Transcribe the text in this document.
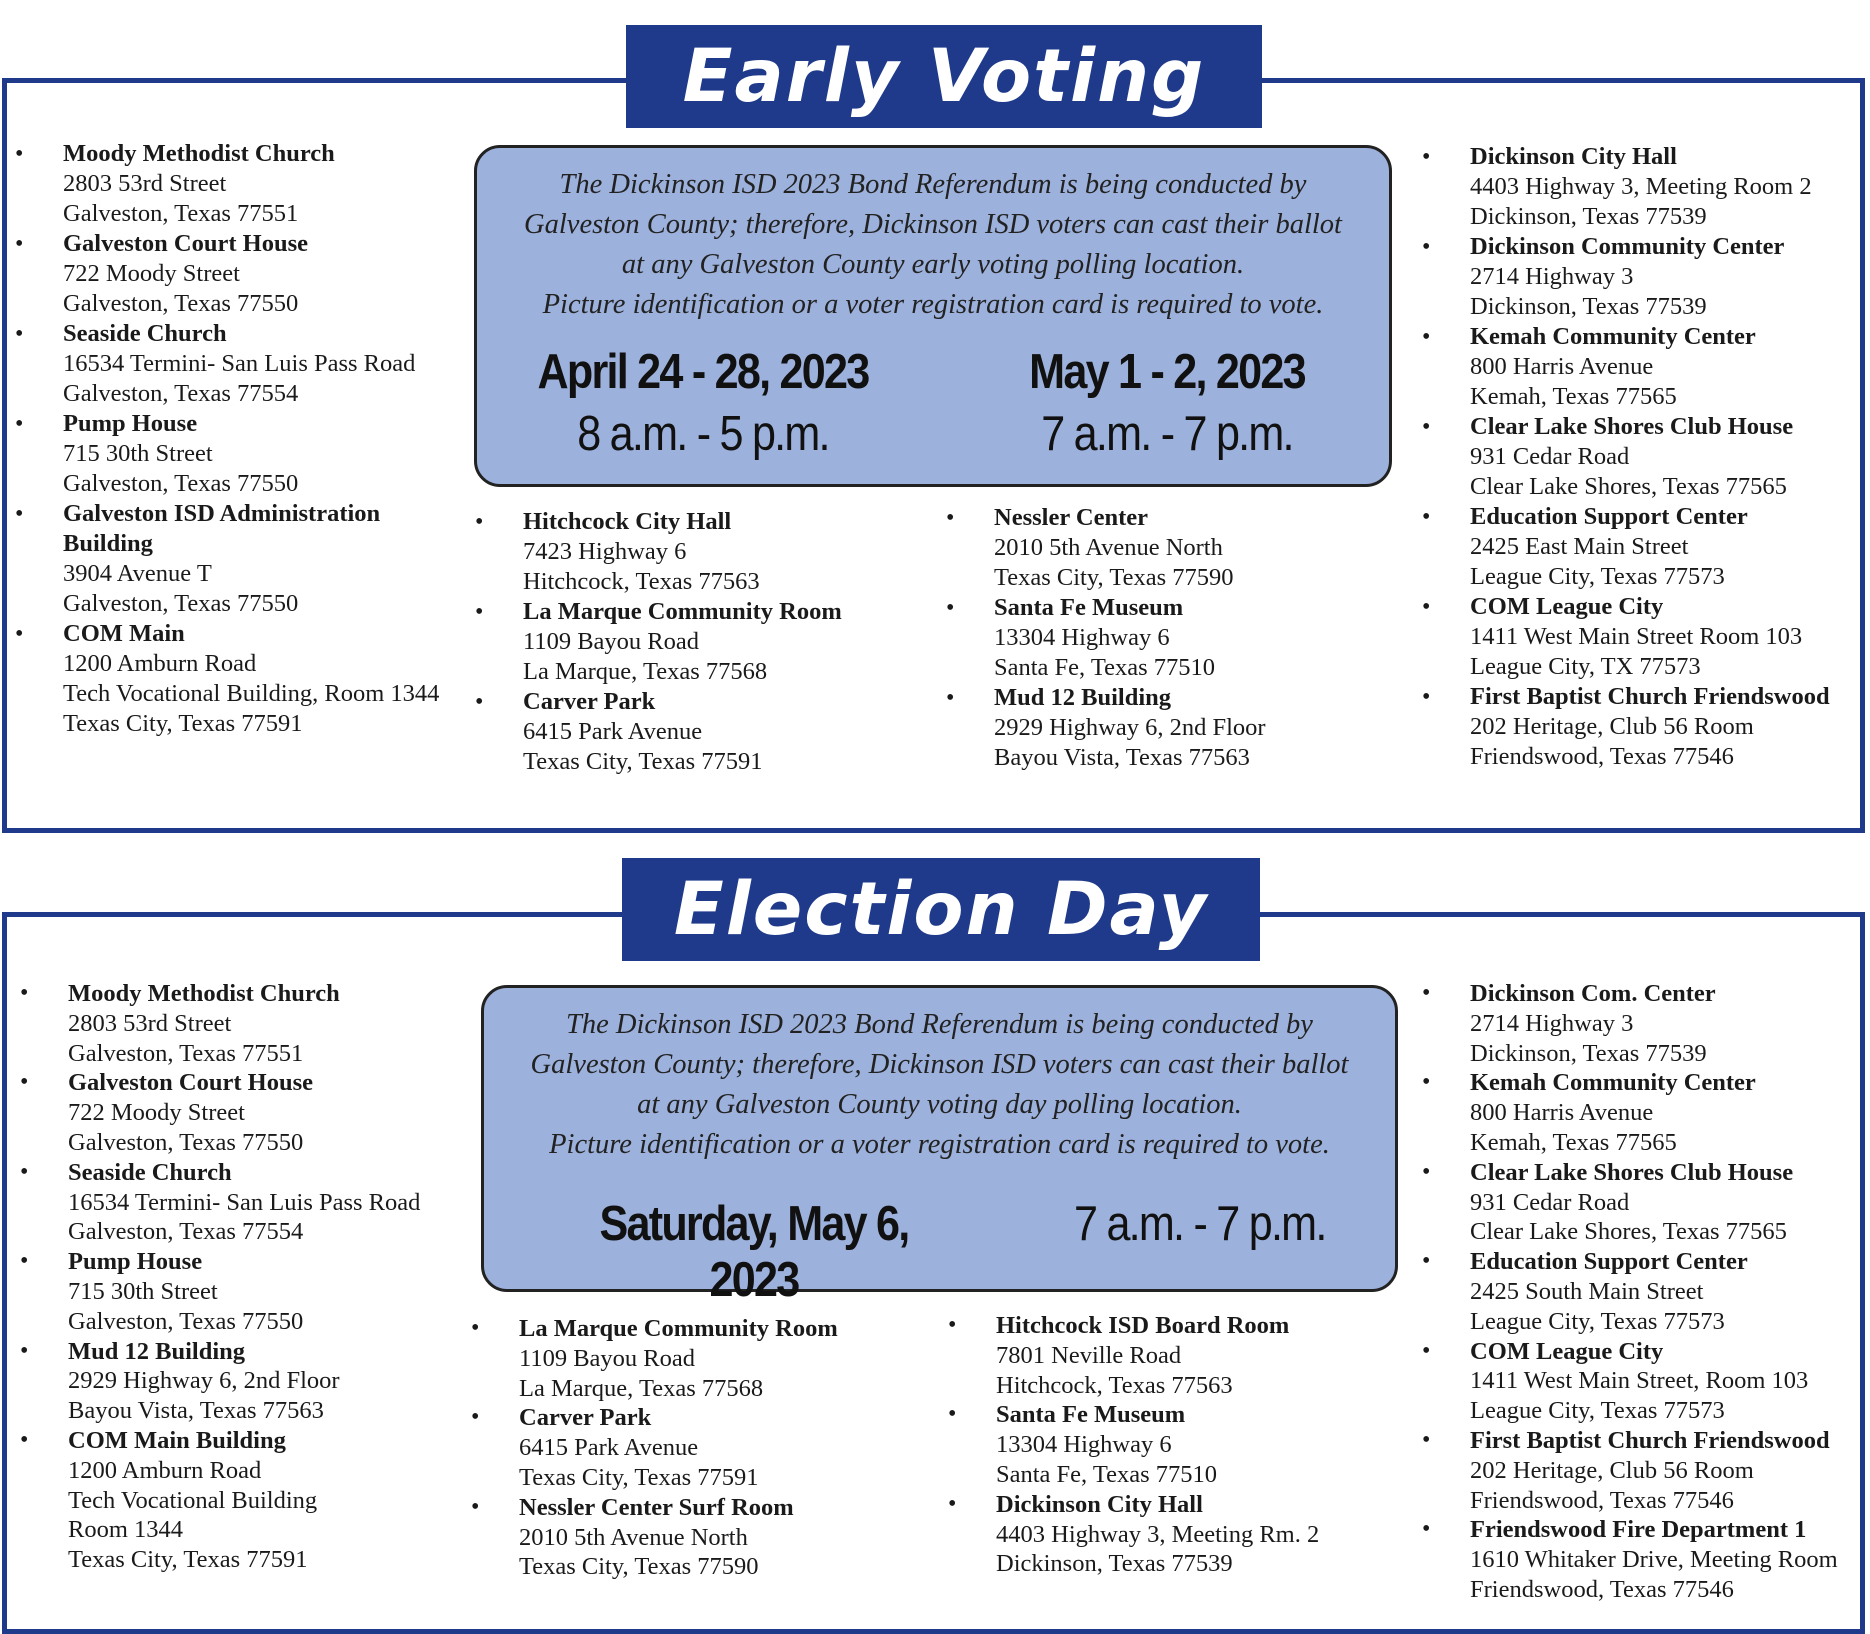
Early Voting
The Dickinson ISD 2023 Bond Referendum is being conducted by
Galveston County; therefore, Dickinson ISD voters can cast their ballot
at any Galveston County early voting polling location.
Picture identification or a voter registration card is required to vote.
April 24 - 28, 2023
8 a.m. - 5 p.m.
May 1 - 2, 2023
7 a.m. - 7 p.m.
• Moody Methodist Church
2803 53rd Street
Galveston, Texas 77551
• Galveston Court House
722 Moody Street
Galveston, Texas 77550
• Seaside Church
16534 Termini- San Luis Pass Road
Galveston, Texas 77554
• Pump House
715 30th Street
Galveston, Texas 77550
• Galveston ISD Administration
Building
3904 Avenue T
Galveston, Texas 77550
• COM Main
1200 Amburn Road
Tech Vocational Building, Room 1344
Texas City, Texas 77591
• Hitchcock City Hall
7423 Highway 6
Hitchcock, Texas 77563
• La Marque Community Room
1109 Bayou Road
La Marque, Texas 77568
• Carver Park
6415 Park Avenue
Texas City, Texas 77591
• Nessler Center
2010 5th Avenue North
Texas City, Texas 77590
• Santa Fe Museum
13304 Highway 6
Santa Fe, Texas 77510
• Mud 12 Building
2929 Highway 6, 2nd Floor
Bayou Vista, Texas 77563
• Dickinson City Hall
4403 Highway 3, Meeting Room 2
Dickinson, Texas 77539
• Dickinson Community Center
2714 Highway 3
Dickinson, Texas 77539
• Kemah Community Center
800 Harris Avenue
Kemah, Texas 77565
• Clear Lake Shores Club House
931 Cedar Road
Clear Lake Shores, Texas 77565
• Education Support Center
2425 East Main Street
League City, Texas 77573
• COM League City
1411 West Main Street Room 103
League City, TX 77573
• First Baptist Church Friendswood
202 Heritage, Club 56 Room
Friendswood, Texas 77546
Election Day
The Dickinson ISD 2023 Bond Referendum is being conducted by
Galveston County; therefore, Dickinson ISD voters can cast their ballot
at any Galveston County voting day polling location.
Picture identification or a voter registration card is required to vote.
Saturday, May 6, 2023
7 a.m. - 7 p.m.
• Moody Methodist Church
2803 53rd Street
Galveston, Texas 77551
• Galveston Court House
722 Moody Street
Galveston, Texas 77550
• Seaside Church
16534 Termini- San Luis Pass Road
Galveston, Texas 77554
• Pump House
715 30th Street
Galveston, Texas 77550
• Mud 12 Building
2929 Highway 6, 2nd Floor
Bayou Vista, Texas 77563
• COM Main Building
1200 Amburn Road
Tech Vocational Building
Room 1344
Texas City, Texas 77591
• La Marque Community Room
1109 Bayou Road
La Marque, Texas 77568
• Carver Park
6415 Park Avenue
Texas City, Texas 77591
• Nessler Center Surf Room
2010 5th Avenue North
Texas City, Texas 77590
• Hitchcock ISD Board Room
7801 Neville Road
Hitchcock, Texas 77563
• Santa Fe Museum
13304 Highway 6
Santa Fe, Texas 77510
• Dickinson City Hall
4403 Highway 3, Meeting Rm. 2
Dickinson, Texas 77539
• Dickinson Com. Center
2714 Highway 3
Dickinson, Texas 77539
• Kemah Community Center
800 Harris Avenue
Kemah, Texas 77565
• Clear Lake Shores Club House
931 Cedar Road
Clear Lake Shores, Texas 77565
• Education Support Center
2425 South Main Street
League City, Texas 77573
• COM League City
1411 West Main Street, Room 103
League City, Texas 77573
• First Baptist Church Friendswood
202 Heritage, Club 56 Room
Friendswood, Texas 77546
• Friendswood Fire Department 1
1610 Whitaker Drive, Meeting Room
Friendswood, Texas 77546
